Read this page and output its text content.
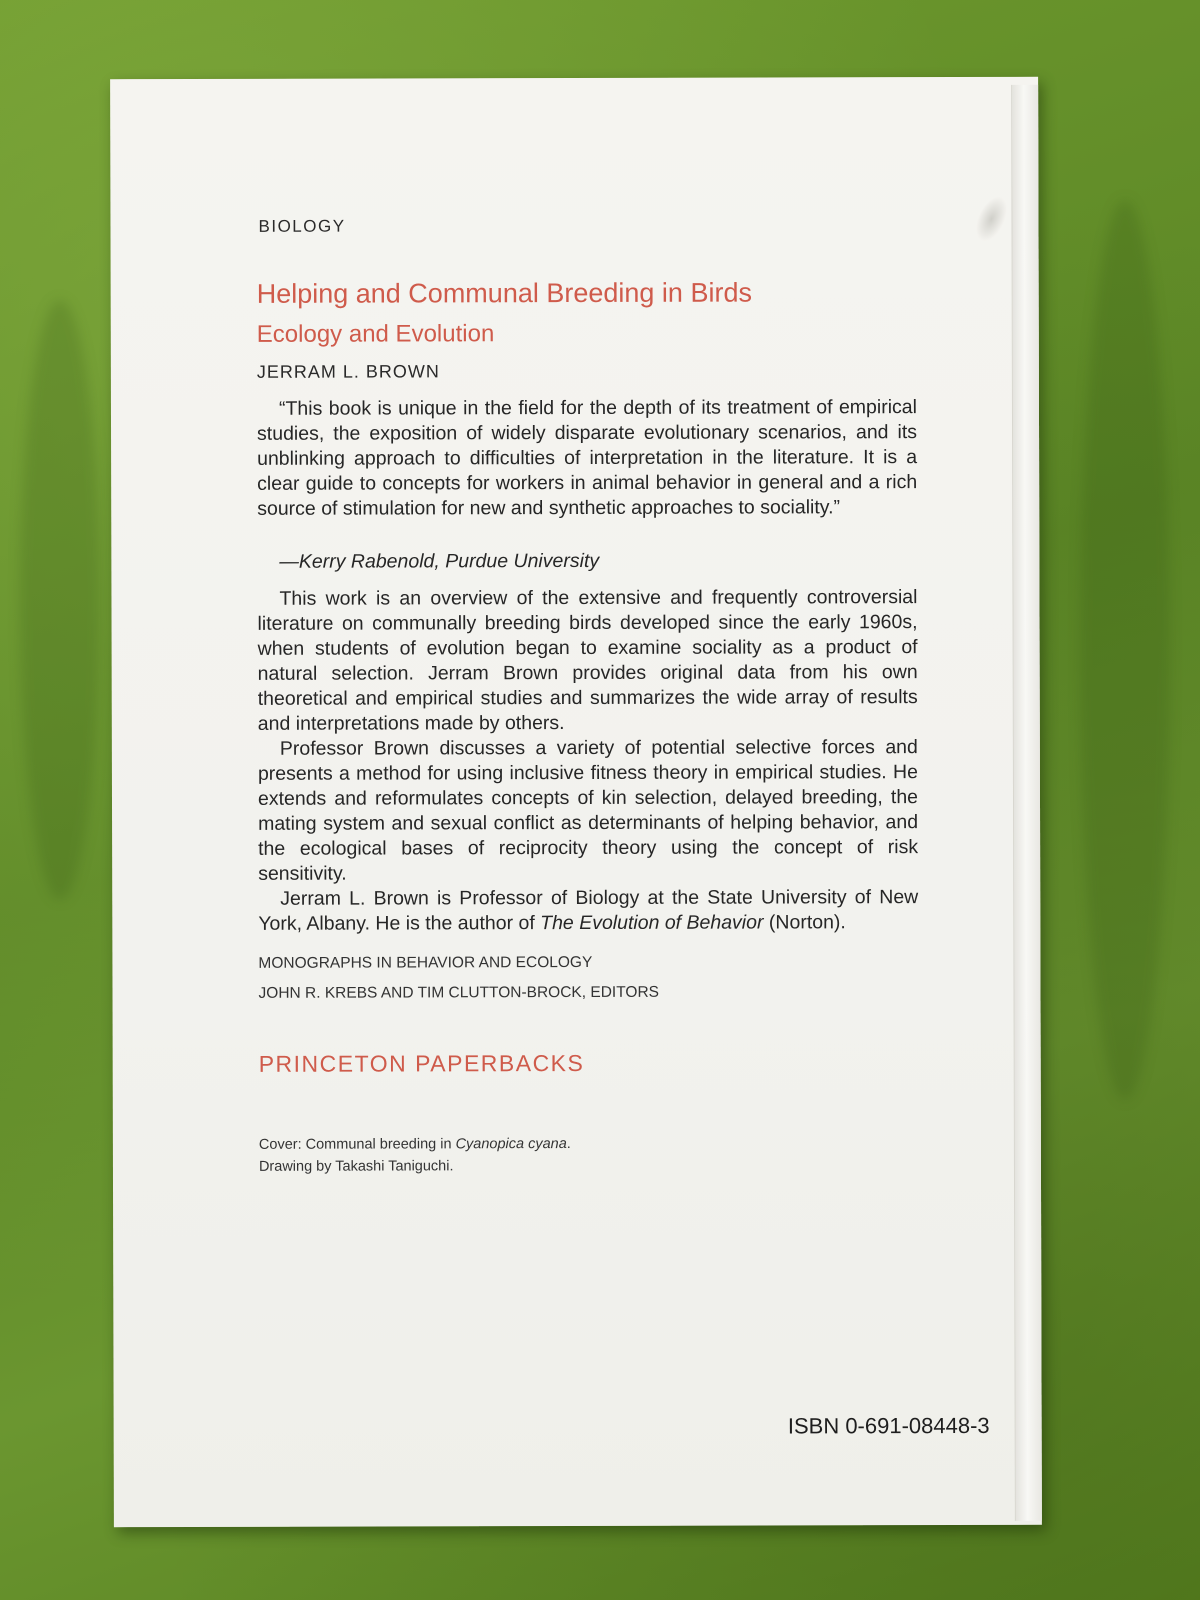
BIOLOGY
Helping and Communal Breeding in Birds
Ecology and Evolution
JERRAM L. BROWN
“This book is unique in the field for the depth of its treatment of empirical studies, the exposition of widely disparate evolutionary scenarios, and its unblinking approach to difficulties of interpretation in the literature. It is a clear guide to concepts for workers in animal behavior in general and a rich source of stimulation for new and synthetic approaches to sociality.”
—Kerry Rabenold, Purdue University
This work is an overview of the extensive and frequently controversial literature on communally breeding birds developed since the early 1960s, when students of evolution began to examine sociality as a product of natural selection. Jerram Brown provides original data from his own theoretical and empirical studies and summarizes the wide array of results and interpretations made by others.
Professor Brown discusses a variety of potential selective forces and presents a method for using inclusive fitness theory in empirical studies. He extends and reformulates concepts of kin selection, delayed breeding, the mating system and sexual conflict as determinants of helping behavior, and the ecological bases of reciprocity theory using the concept of risk sensitivity.
Jerram L. Brown is Professor of Biology at the State University of New York, Albany. He is the author of The Evolution of Behavior (Norton).
MONOGRAPHS IN BEHAVIOR AND ECOLOGY
JOHN R. KREBS AND TIM CLUTTON-BROCK, EDITORS
PRINCETON PAPERBACKS
Cover: Communal breeding in Cyanopica cyana.
Drawing by Takashi Taniguchi.
ISBN 0-691-08448-3
